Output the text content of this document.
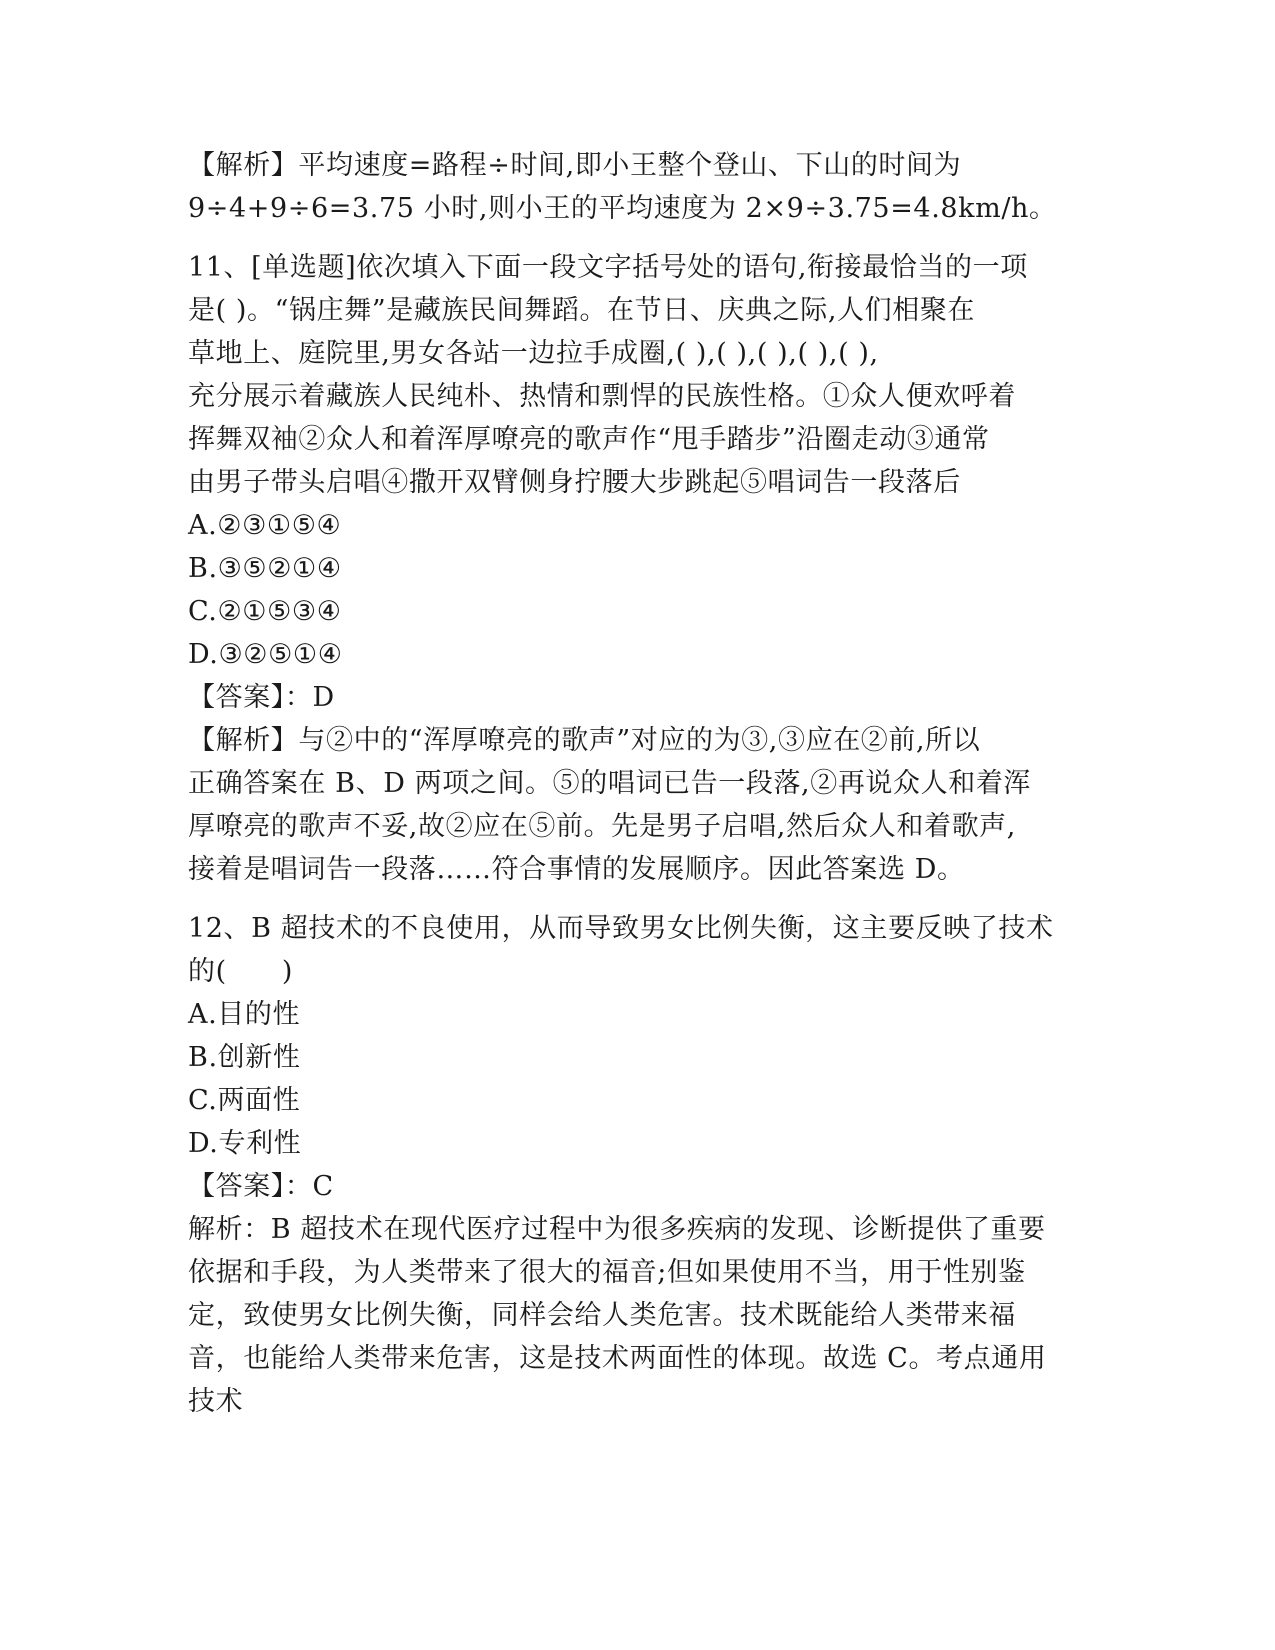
【解析】平均速度=路程÷时间,即小王整个登山、下山的时间为
9÷4+9÷6=3.75 小时,则小王的平均速度为 2×9÷3.75=4.8km/h。
11、[单选题]依次填入下面一段文字括号处的语句,衔接最恰当的一项
是( )。“锅庄舞”是藏族民间舞蹈。在节日、庆典之际,人们相聚在
草地上、庭院里,男女各站一边拉手成圈,( ),( ),( ),( ),( ),
充分展示着藏族人民纯朴、热情和剽悍的民族性格。①众人便欢呼着
挥舞双袖②众人和着浑厚嘹亮的歌声作“甩手踏步”沿圈走动③通常
由男子带头启唱④撒开双臂侧身拧腰大步跳起⑤唱词告一段落后
A.②③①⑤④
B.③⑤②①④
C.②①⑤③④
D.③②⑤①④
【答案】：D
【解析】与②中的“浑厚嘹亮的歌声”对应的为③,③应在②前,所以
正确答案在 B、D 两项之间。⑤的唱词已告一段落,②再说众人和着浑
厚嘹亮的歌声不妥,故②应在⑤前。先是男子启唱,然后众人和着歌声,
接着是唱词告一段落……符合事情的发展顺序。因此答案选 D。
12、B 超技术的不良使用，从而导致男女比例失衡，这主要反映了技术
的(　　)
A.目的性
B.创新性
C.两面性
D.专利性
【答案】：C
解析：B 超技术在现代医疗过程中为很多疾病的发现、诊断提供了重要
依据和手段，为人类带来了很大的福音;但如果使用不当，用于性别鉴
定，致使男女比例失衡，同样会给人类危害。技术既能给人类带来福
音，也能给人类带来危害，这是技术两面性的体现。故选 C。考点通用
技术
